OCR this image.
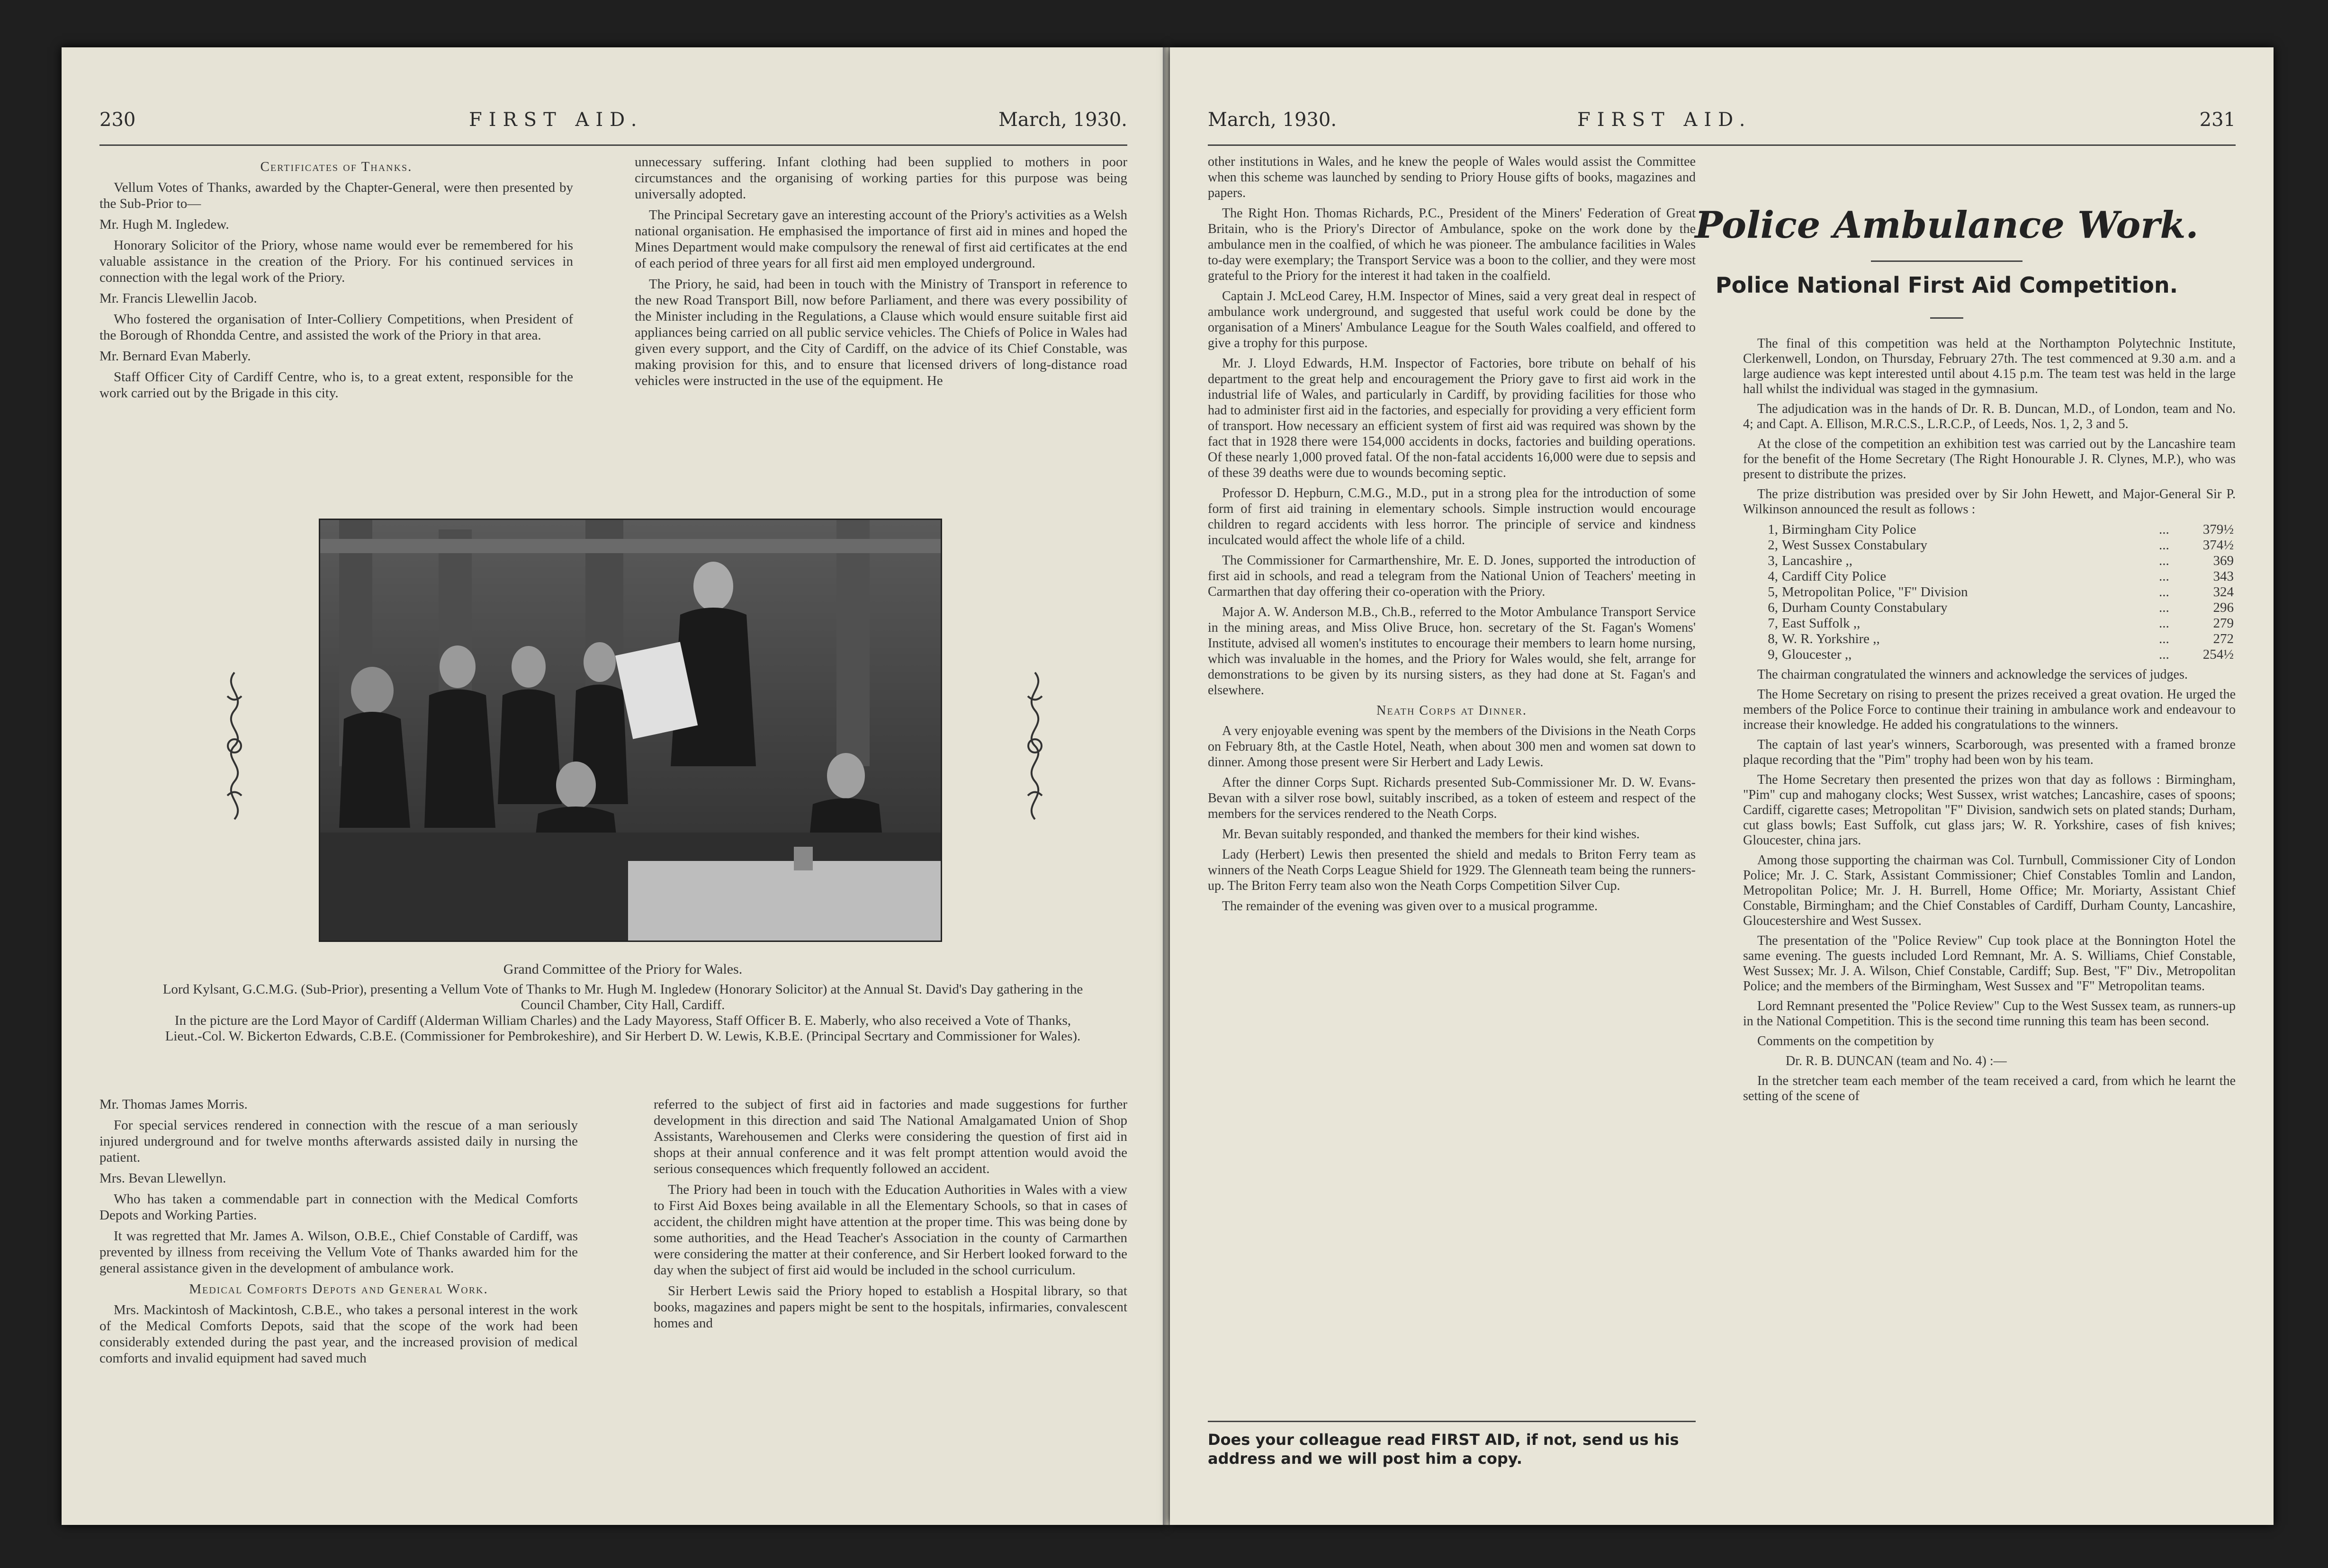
230	FIRST AID.	March, 1930.
Certificates of Thanks.

Vellum Votes of Thanks, awarded by the Chapter-General, were then presented by the Sub-Prior to—

Mr. Hugh M. Ingledew.

Honorary Solicitor of the Priory, whose name would ever be remembered for his valuable assistance in the creation of the Priory. For his continued services in connection with the legal work of the Priory.

Mr. Francis Llewellin Jacob.

Who fostered the organisation of Inter-Colliery Competitions, when President of the Borough of Rhondda Centre, and assisted the work of the Priory in that area.

Mr. Bernard Evan Maberly.

Staff Officer City of Cardiff Centre, who is, to a great extent, responsible for the work carried out by the Brigade in this city.

unnecessary suffering. Infant clothing had been supplied to mothers in poor circumstances and the organising of working parties for this purpose was being universally adopted.

The Principal Secretary gave an interesting account of the Priory's activities as a Welsh national organisation. He emphasised the importance of first aid in mines and hoped the Mines Department would make compulsory the renewal of first aid certificates at the end of each period of three years for all first aid men employed underground.

The Priory, he said, had been in touch with the Ministry of Transport in reference to the new Road Transport Bill, now before Parliament, and there was every possibility of the Minister including in the Regulations, a Clause which would ensure suitable first aid appliances being carried on all public service vehicles. The Chiefs of Police in Wales had given every support, and the City of Cardiff, on the advice of its Chief Constable, was making provision for this, and to ensure that licensed drivers of long-distance road vehicles were instructed in the use of the equipment. He

Grand Committee of the Priory for Wales.

Lord Kylsant, G.C.M.G. (Sub-Prior), presenting a Vellum Vote of Thanks to Mr. Hugh M. Ingledew (Honorary Solicitor) at the Annual St. David's Day gathering in the Council Chamber, City Hall, Cardiff.

In the picture are the Lord Mayor of Cardiff (Alderman William Charles) and the Lady Mayoress, Staff Officer B. E. Maberly, who also received a Vote of Thanks, Lieut.-Col. W. Bickerton Edwards, C.B.E. (Commissioner for Pembrokeshire), and Sir Herbert D. W. Lewis, K.B.E. (Principal Secrtary and Commissioner for Wales).

Mr. Thomas James Morris.

For special services rendered in connection with the rescue of a man seriously injured underground and for twelve months afterwards assisted daily in nursing the patient.

Mrs. Bevan Llewellyn.

Who has taken a commendable part in connection with the Medical Comforts Depots and Working Parties.

It was regretted that Mr. James A. Wilson, O.B.E., Chief Constable of Cardiff, was prevented by illness from receiving the Vellum Vote of Thanks awarded him for the general assistance given in the development of ambulance work.

Medical Comforts Depots and General Work.

Mrs. Mackintosh of Mackintosh, C.B.E., who takes a personal interest in the work of the Medical Comforts Depots, said that the scope of the work had been considerably extended during the past year, and the increased provision of medical comforts and invalid equipment had saved much

referred to the subject of first aid in factories and made suggestions for further development in this direction and said The National Amalgamated Union of Shop Assistants, Warehousemen and Clerks were considering the question of first aid in shops at their annual conference and it was felt prompt attention would avoid the serious consequences which frequently followed an accident.

The Priory had been in touch with the Education Authorities in Wales with a view to First Aid Boxes being available in all the Elementary Schools, so that in cases of accident, the children might have attention at the proper time. This was being done by some authorities, and the Head Teacher's Association in the county of Carmarthen were considering the matter at their conference, and Sir Herbert looked forward to the day when the subject of first aid would be included in the school curriculum.

Sir Herbert Lewis said the Priory hoped to establish a Hospital library, so that books, magazines and papers might be sent to the hospitals, infirmaries, convalescent homes and

March, 1930.	FIRST AID.	231

other institutions in Wales, and he knew the people of Wales would assist the Committee when this scheme was launched by sending to Priory House gifts of books, magazines and papers.

The Right Hon. Thomas Richards, P.C., President of the Miners' Federation of Great Britain, who is the Priory's Director of Ambulance, spoke on the work done by the ambulance men in the coalfied, of which he was pioneer. The ambulance facilities in Wales to-day were exemplary; the Transport Service was a boon to the collier, and they were most grateful to the Priory for the interest it had taken in the coalfield.

Captain J. McLeod Carey, H.M. Inspector of Mines, said a very great deal in respect of ambulance work underground, and suggested that useful work could be done by the organisation of a Miners' Ambulance League for the South Wales coalfield, and offered to give a trophy for this purpose.

Mr. J. Lloyd Edwards, H.M. Inspector of Factories, bore tribute on behalf of his department to the great help and encouragement the Priory gave to first aid work in the industrial life of Wales, and particularly in Cardiff, by providing facilities for those who had to administer first aid in the factories, and especially for providing a very efficient form of transport. How necessary an efficient system of first aid was required was shown by the fact that in 1928 there were 154,000 accidents in docks, factories and building operations. Of these nearly 1,000 proved fatal. Of the non-fatal accidents 16,000 were due to sepsis and of these 39 deaths were due to wounds becoming septic.

Professor D. Hepburn, C.M.G., M.D., put in a strong plea for the introduction of some form of first aid training in elementary schools. Simple instruction would encourage children to regard accidents with less horror. The principle of service and kindness inculcated would affect the whole life of a child.

The Commissioner for Carmarthenshire, Mr. E. D. Jones, supported the introduction of first aid in schools, and read a telegram from the National Union of Teachers' meeting in Carmarthen that day offering their co-operation with the Priory.

Major A. W. Anderson M.B., Ch.B., referred to the Motor Ambulance Transport Service in the mining areas, and Miss Olive Bruce, hon. secretary of the St. Fagan's Womens' Institute, advised all women's institutes to encourage their members to learn home nursing, which was invaluable in the homes, and the Priory for Wales would, she felt, arrange for demonstrations to be given by its nursing sisters, as they had done at St. Fagan's and elsewhere.

Neath Corps at Dinner.

A very enjoyable evening was spent by the members of the Divisions in the Neath Corps on February 8th, at the Castle Hotel, Neath, when about 300 men and women sat down to dinner. Among those present were Sir Herbert and Lady Lewis.

After the dinner Corps Supt. Richards presented Sub-Commissioner Mr. D. W. Evans-Bevan with a silver rose bowl, suitably inscribed, as a token of esteem and respect of the members for the services rendered to the Neath Corps.

Mr. Bevan suitably responded, and thanked the members for their kind wishes.

Lady (Herbert) Lewis then presented the shield and medals to Briton Ferry team as winners of the Neath Corps League Shield for 1929. The Glenneath team being the runners-up. The Briton Ferry team also won the Neath Corps Competition Silver Cup.

The remainder of the evening was given over to a musical programme.

Does your colleague read FIRST AID, if not, send us his address and we will post him a copy.
Police Ambulance Work.
Police National First Aid Competition.

The final of this competition was held at the Northampton Polytechnic Institute, Clerkenwell, London, on Thursday, February 27th. The test commenced at 9.30 a.m. and a large audience was kept interested until about 4.15 p.m. The team test was held in the large hall whilst the individual was staged in the gymnasium.

The adjudication was in the hands of Dr. R. B. Duncan, M.D., of London, team and No. 4; and Capt. A. Ellison, M.R.C.S., L.R.C.P., of Leeds, Nos. 1, 2, 3 and 5.

At the close of the competition an exhibition test was carried out by the Lancashire team for the benefit of the Home Secretary (The Right Honourable J. R. Clynes, M.P.), who was present to distribute the prizes.

The prize distribution was presided over by Sir John Hewett, and Major-General Sir P. Wilkinson announced the result as follows :

1,	Birmingham City Police	...	379½
2,	West Sussex Constabulary	...	374½
3,	Lancashire ,,	...	369
4,	Cardiff City Police	...	343
5,	Metropolitan Police, "F" Division	...	324
6,	Durham County Constabulary	...	296
7,	East Suffolk ,,	...	279
8,	W. R. Yorkshire ,,	...	272
9,	Gloucester ,,	...	254½

The chairman congratulated the winners and acknowledge the services of judges.

The Home Secretary on rising to present the prizes received a great ovation. He urged the members of the Police Force to continue their training in ambulance work and endeavour to increase their knowledge. He added his congratulations to the winners.

The captain of last year's winners, Scarborough, was presented with a framed bronze plaque recording that the "Pim" trophy had been won by his team.

The Home Secretary then presented the prizes won that day as follows : Birmingham, "Pim" cup and mahogany clocks; West Sussex, wrist watches; Lancashire, cases of spoons; Cardiff, cigarette cases; Metropolitan "F" Division, sandwich sets on plated stands; Durham, cut glass bowls; East Suffolk, cut glass jars; W. R. Yorkshire, cases of fish knives; Gloucester, china jars.

Among those supporting the chairman was Col. Turnbull, Commissioner City of London Police; Mr. J. C. Stark, Assistant Commissioner; Chief Constables Tomlin and Landon, Metropolitan Police; Mr. J. H. Burrell, Home Office; Mr. Moriarty, Assistant Chief Constable, Birmingham; and the Chief Constables of Cardiff, Durham County, Lancashire, Gloucestershire and West Sussex.

The presentation of the "Police Review" Cup took place at the Bonnington Hotel the same evening. The guests included Lord Remnant, Mr. A. S. Williams, Chief Constable, West Sussex; Mr. J. A. Wilson, Chief Constable, Cardiff; Sup. Best, "F" Div., Metropolitan Police; and the members of the Birmingham, West Sussex and "F" Metropolitan teams.

Lord Remnant presented the "Police Review" Cup to the West Sussex team, as runners-up in the National Competition. This is the second time running this team has been second.

Comments on the competition by

Dr. R. B. DUNCAN (team and No. 4) :—

In the stretcher team each member of the team received a card, from which he learnt the setting of the scene of
